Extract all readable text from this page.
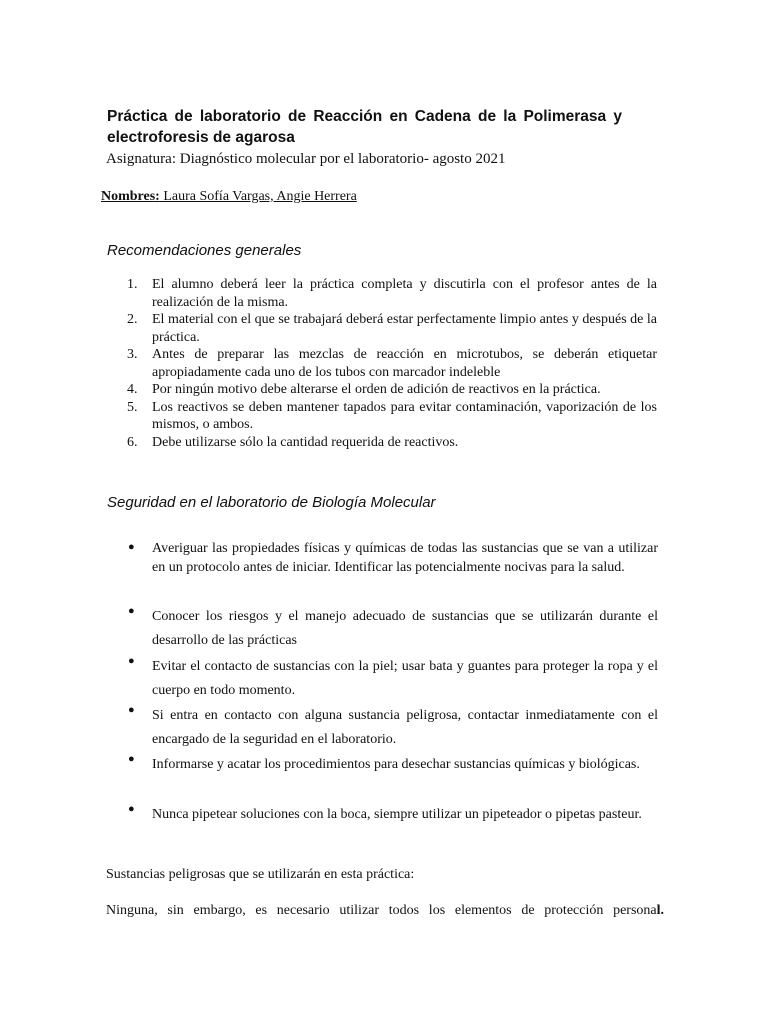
Práctica de laboratorio de Reacción en Cadena de la Polimerasa y electroforesis de agarosa
Asignatura: Diagnóstico molecular por el laboratorio- agosto 2021
Nombres: Laura Sofía Vargas, Angie Herrera
Recomendaciones generales
1. El alumno deberá leer la práctica completa y discutirla con el profesor antes de la realización de la misma.
2. El material con el que se trabajará deberá estar perfectamente limpio antes y después de la práctica.
3. Antes de preparar las mezclas de reacción en microtubos, se deberán etiquetar apropiadamente cada uno de los tubos con marcador indeleble
4. Por ningún motivo debe alterarse el orden de adición de reactivos en la práctica.
5. Los reactivos se deben mantener tapados para evitar contaminación, vaporización de los mismos, o ambos.
6. Debe utilizarse sólo la cantidad requerida de reactivos.
Seguridad en el laboratorio de Biología Molecular
● Averiguar las propiedades físicas y químicas de todas las sustancias que se van a utilizar en un protocolo antes de iniciar. Identificar las potencialmente nocivas para la salud.
● Conocer los riesgos y el manejo adecuado de sustancias que se utilizarán durante el desarrollo de las prácticas
● Evitar el contacto de sustancias con la piel; usar bata y guantes para proteger la ropa y el cuerpo en todo momento.
● Si entra en contacto con alguna sustancia peligrosa, contactar inmediatamente con el encargado de la seguridad en el laboratorio.
● Informarse y acatar los procedimientos para desechar sustancias químicas y biológicas.
● Nunca pipetear soluciones con la boca, siempre utilizar un pipeteador o pipetas pasteur.
Sustancias peligrosas que se utilizarán en esta práctica:
Ninguna, sin embargo, es necesario utilizar todos los elementos de protección personal.
